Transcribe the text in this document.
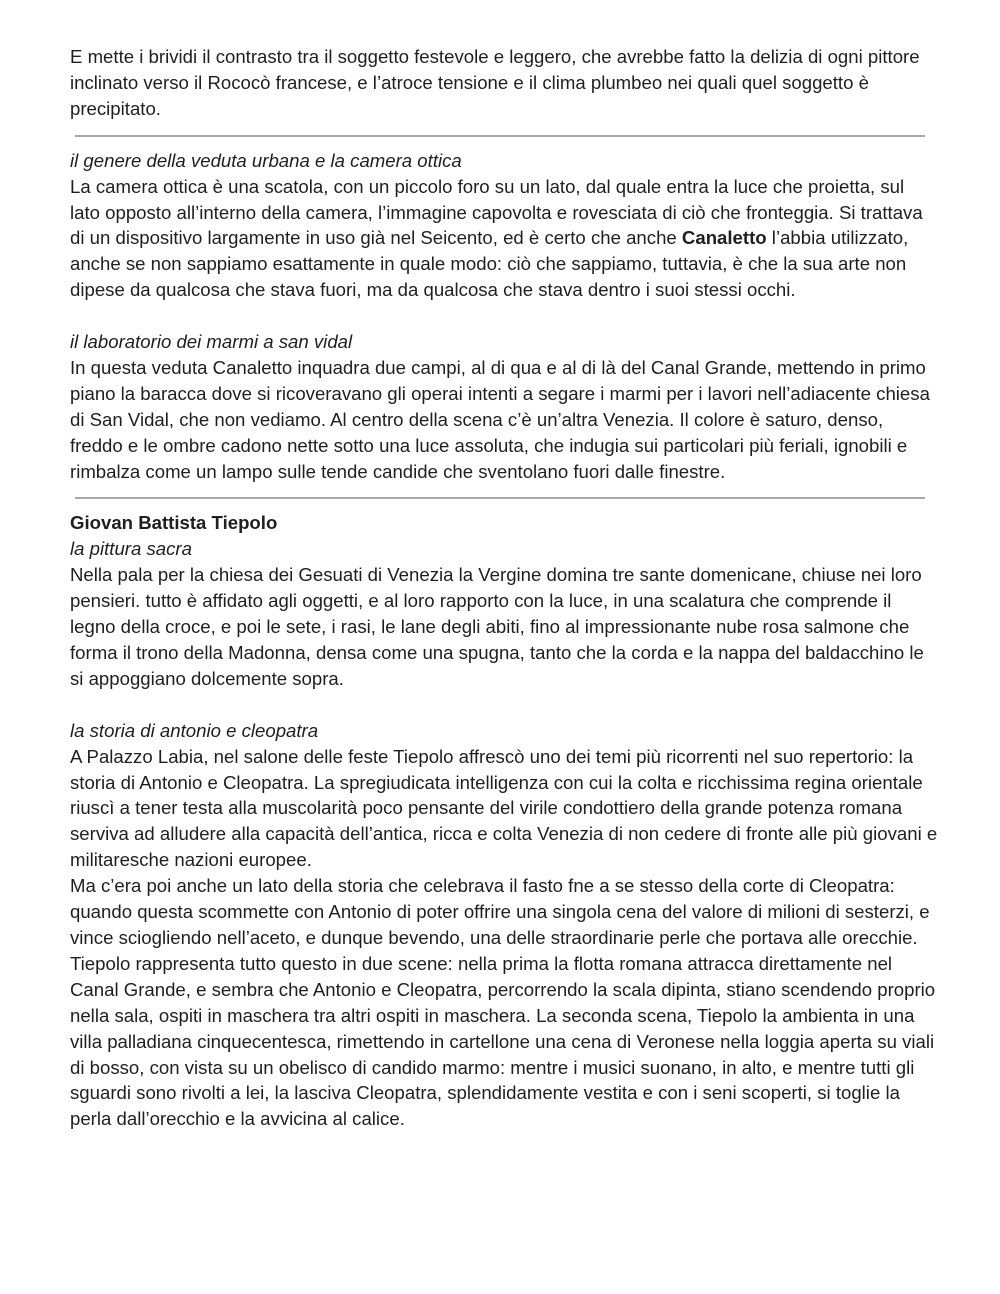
E mette i brividi il contrasto tra il soggetto festevole e leggero, che avrebbe fatto la delizia di ogni pittore inclinato verso il Rococò francese, e l’atroce tensione e il clima plumbeo nei quali quel soggetto è precipitato.

il genere della veduta urbana e la camera ottica

La camera ottica è una scatola, con un piccolo foro su un lato, dal quale entra la luce che proietta, sul lato opposto all’interno della camera, l’immagine capovolta e rovesciata di ciò che fronteggia. Si trattava di un dispositivo largamente in uso già nel Seicento, ed è certo che anche Canaletto l’abbia utilizzato, anche se non sappiamo esattamente in quale modo: ciò che sappiamo, tuttavia, è che la sua arte non dipese da qualcosa che stava fuori, ma da qualcosa che stava dentro i suoi stessi occhi.

il laboratorio dei marmi a san vidal

In questa veduta Canaletto inquadra due campi, al di qua e al di là del Canal Grande, mettendo in primo piano la baracca dove si ricoveravano gli operai intenti a segare i marmi per i lavori nell’adiacente chiesa di San Vidal, che non vediamo. Al centro della scena c’è un’altra Venezia. Il colore è saturo, denso, freddo e le ombre cadono nette sotto una luce assoluta, che indugia sui particolari più feriali, ignobili e rimbalza come un lampo sulle tende candide che sventolano fuori dalle finestre.

Giovan Battista Tiepolo

la pittura sacra

Nella pala per la chiesa dei Gesuati di Venezia la Vergine domina tre sante domenicane, chiuse nei loro pensieri. tutto è affidato agli oggetti, e al loro rapporto con la luce, in una scalatura che comprende il legno della croce, e poi le sete, i rasi, le lane degli abiti, fino al impressionante nube rosa salmone che forma il trono della Madonna, densa come una spugna, tanto che la corda e la nappa del baldacchino le si appoggiano dolcemente sopra.

la storia di antonio e cleopatra

A Palazzo Labia, nel salone delle feste Tiepolo affrescò uno dei temi più ricorrenti nel suo repertorio: la storia di Antonio e Cleopatra. La spregiudicata intelligenza con cui la colta e ricchissima regina orientale riuscì a tener testa alla muscolarità poco pensante del virile condottiero della grande potenza romana serviva ad alludere alla capacità dell’antica, ricca e colta Venezia di non cedere di fronte alle più giovani e militaresche nazioni europee.

Ma c’era poi anche un lato della storia che celebrava il fasto fne a se stesso della corte di Cleopatra: quando questa scommette con Antonio di poter offrire una singola cena del valore di milioni di sesterzi, e vince sciogliendo nell’aceto, e dunque bevendo, una delle straordinarie perle che portava alle orecchie. Tiepolo rappresenta tutto questo in due scene: nella prima la flotta romana attracca direttamente nel Canal Grande, e sembra che Antonio e Cleopatra, percorrendo la scala dipinta, stiano scendendo proprio nella sala, ospiti in maschera tra altri ospiti in maschera. La seconda scena, Tiepolo la ambienta in una villa palladiana cinquecentesca, rimettendo in cartellone una cena di Veronese nella loggia aperta su viali di bosso, con vista su un obelisco di candido marmo: mentre i musici suonano, in alto, e mentre tutti gli sguardi sono rivolti a lei, la lasciva Cleopatra, splendidamente vestita e con i seni scoperti, si toglie la perla dall’orecchio e la avvicina al calice.
